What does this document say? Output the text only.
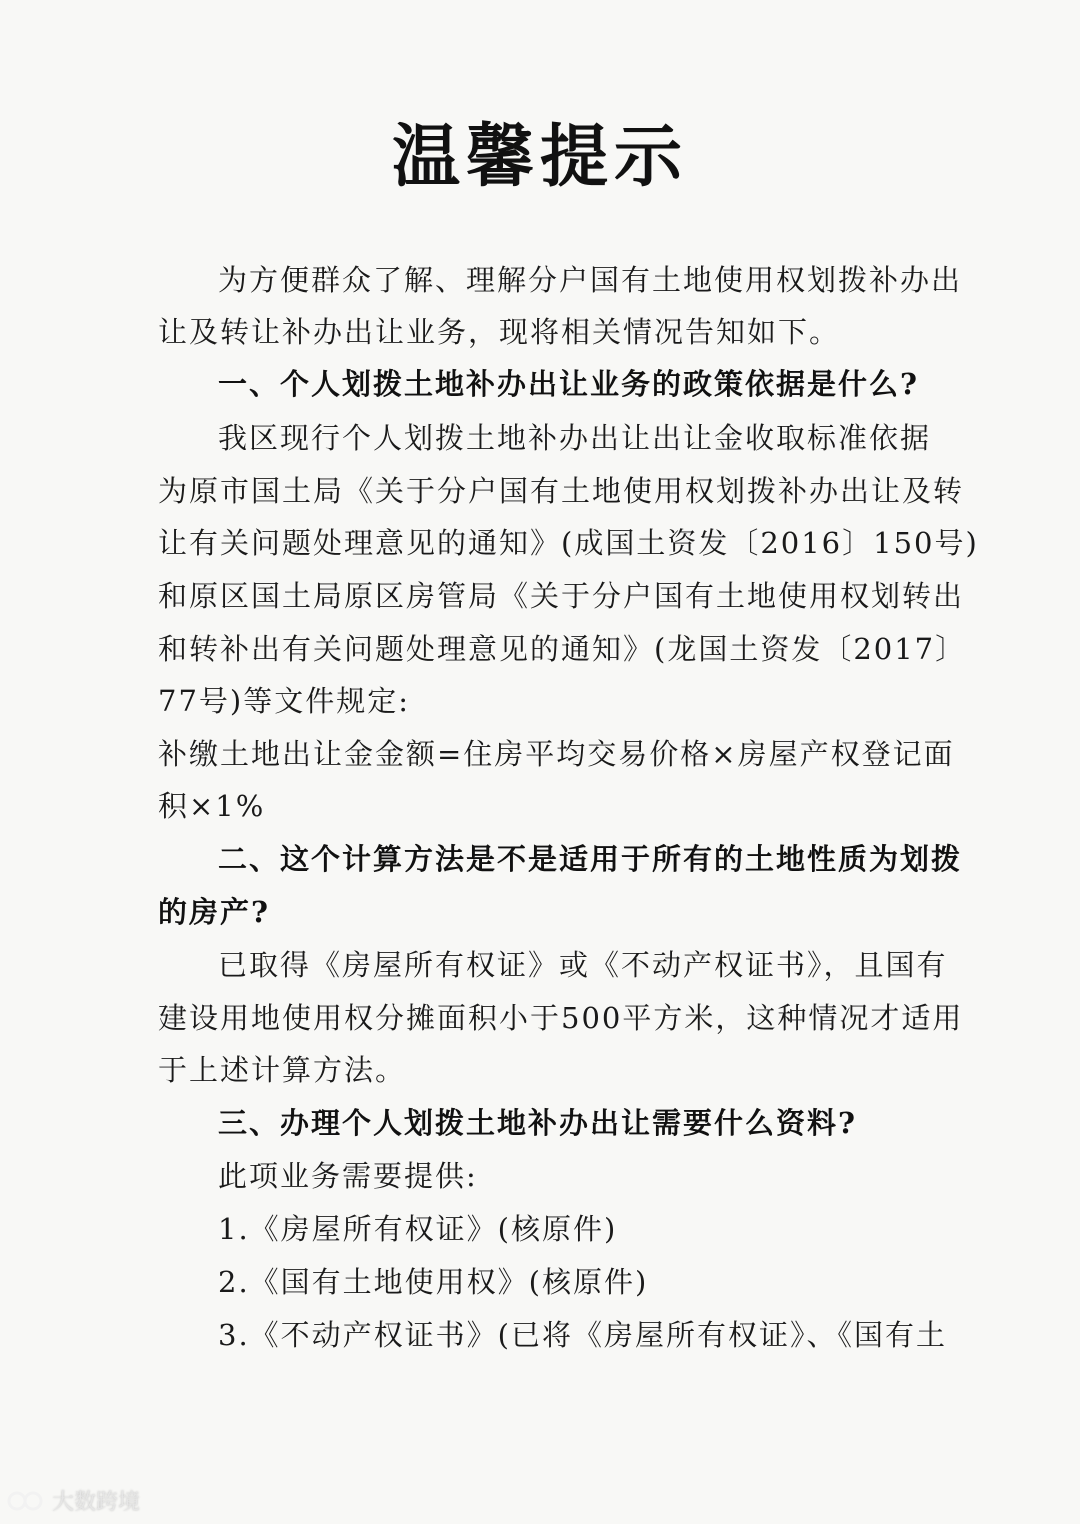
温馨提示
为方便群众了解、理解分户国有土地使用权划拨补办出
让及转让补办出让业务，现将相关情况告知如下。
一、个人划拨土地补办出让业务的政策依据是什么?
我区现行个人划拨土地补办出让出让金收取标准依据
为原市国土局《关于分户国有土地使用权划拨补办出让及转
让有关问题处理意见的通知》(成国土资发〔2016〕150号)
和原区国土局原区房管局《关于分户国有土地使用权划转出
和转补出有关问题处理意见的通知》(龙国土资发〔2017〕
77号)等文件规定:
补缴土地出让金金额=住房平均交易价格×房屋产权登记面
积×1%
二、这个计算方法是不是适用于所有的土地性质为划拨
的房产?
已取得《房屋所有权证》或《不动产权证书》，且国有
建设用地使用权分摊面积小于500平方米，这种情况才适用
于上述计算方法。
三、办理个人划拨土地补办出让需要什么资料?
此项业务需要提供:
1.《房屋所有权证》(核原件)
2.《国有土地使用权》(核原件)
3.《不动产权证书》(已将《房屋所有权证》、《国有土
大数跨境
